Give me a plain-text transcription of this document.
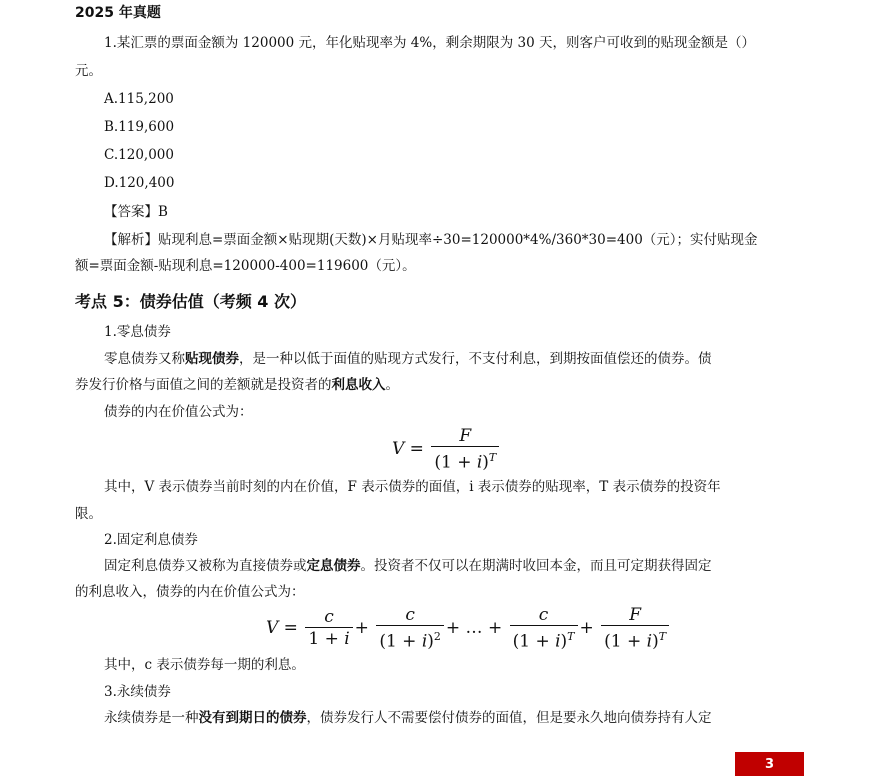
2025 年真题
1.某汇票的票面金额为 120000 元，年化贴现率为 4%，剩余期限为 30 天，则客户可收到的贴现金额是（）
元。
A.115,200
B.119,600
C.120,000
D.120,400
【答案】B
【解析】贴现利息=票面金额×贴现期(天数)×月贴现率÷30=120000*4%/360*30=400（元）；实付贴现金
额=票面金额-贴现利息=120000-400=119600（元）。
考点 5：债券估值（考频 4 次）
1.零息债券
零息债券又称贴现债券，是一种以低于面值的贴现方式发行，不支付利息，到期按面值偿还的债券。债
券发行价格与面值之间的差额就是投资者的利息收入。
债券的内在价值公式为：
$V = \frac{F}{(1 + i)^T}$
其中，V 表示债券当前时刻的内在价值，F 表示债券的面值，i 表示债券的贴现率，T 表示债券的投资年
限。
2.固定利息债券
固定利息债券又被称为直接债券或定息债券。投资者不仅可以在期满时收回本金，而且可定期获得固定
的利息收入，债券的内在价值公式为：
$V = \frac{c}{1 + i} + \frac{c}{(1 + i)^2}$ + … + $\frac{c}{(1 + i)^T} + \frac{F}{(1 + i)^T}$
其中，c 表示债券每一期的利息。
3.永续债券
永续债券是一种没有到期日的债券，债券发行人不需要偿付债券的面值，但是要永久地向债券持有人定
3
